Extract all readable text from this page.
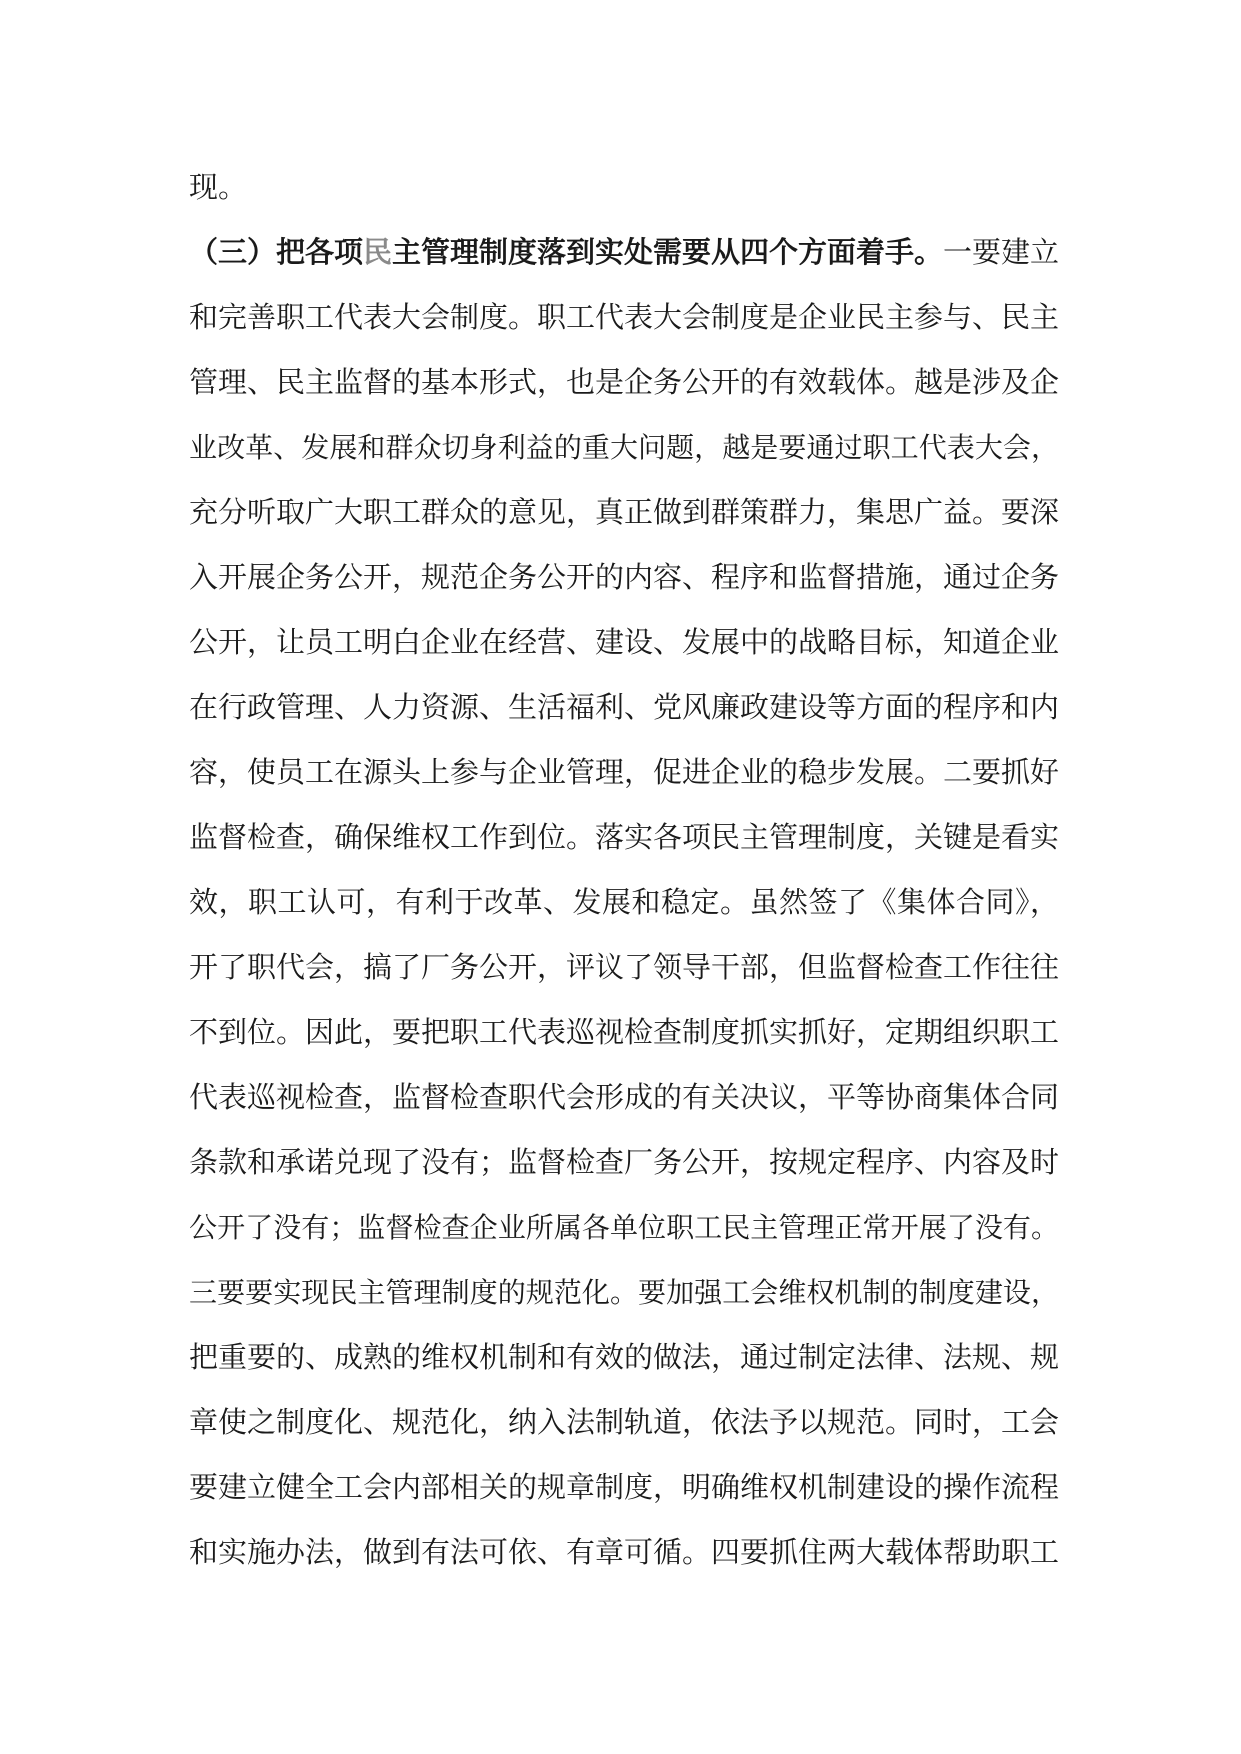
现。
（三）把各项民主管理制度落到实处需要从四个方面着手。一要建立
和完善职工代表大会制度。职工代表大会制度是企业民主参与、民主
管理、民主监督的基本形式，也是企务公开的有效载体。越是涉及企
业改革、发展和群众切身利益的重大问题，越是要通过职工代表大会，
充分听取广大职工群众的意见，真正做到群策群力，集思广益。要深
入开展企务公开，规范企务公开的内容、程序和监督措施，通过企务
公开，让员工明白企业在经营、建设、发展中的战略目标，知道企业
在行政管理、人力资源、生活福利、党风廉政建设等方面的程序和内
容，使员工在源头上参与企业管理，促进企业的稳步发展。二要抓好
监督检查，确保维权工作到位。落实各项民主管理制度，关键是看实
效，职工认可，有利于改革、发展和稳定。虽然签了《集体合同》，
开了职代会，搞了厂务公开，评议了领导干部，但监督检查工作往往
不到位。因此，要把职工代表巡视检查制度抓实抓好，定期组织职工
代表巡视检查，监督检查职代会形成的有关决议，平等协商集体合同
条款和承诺兑现了没有；监督检查厂务公开，按规定程序、内容及时
公开了没有；监督检查企业所属各单位职工民主管理正常开展了没有。
三要要实现民主管理制度的规范化。要加强工会维权机制的制度建设，
把重要的、成熟的维权机制和有效的做法，通过制定法律、法规、规
章使之制度化、规范化，纳入法制轨道，依法予以规范。同时，工会
要建立健全工会内部相关的规章制度，明确维权机制建设的操作流程
和实施办法，做到有法可依、有章可循。四要抓住两大载体帮助职工
